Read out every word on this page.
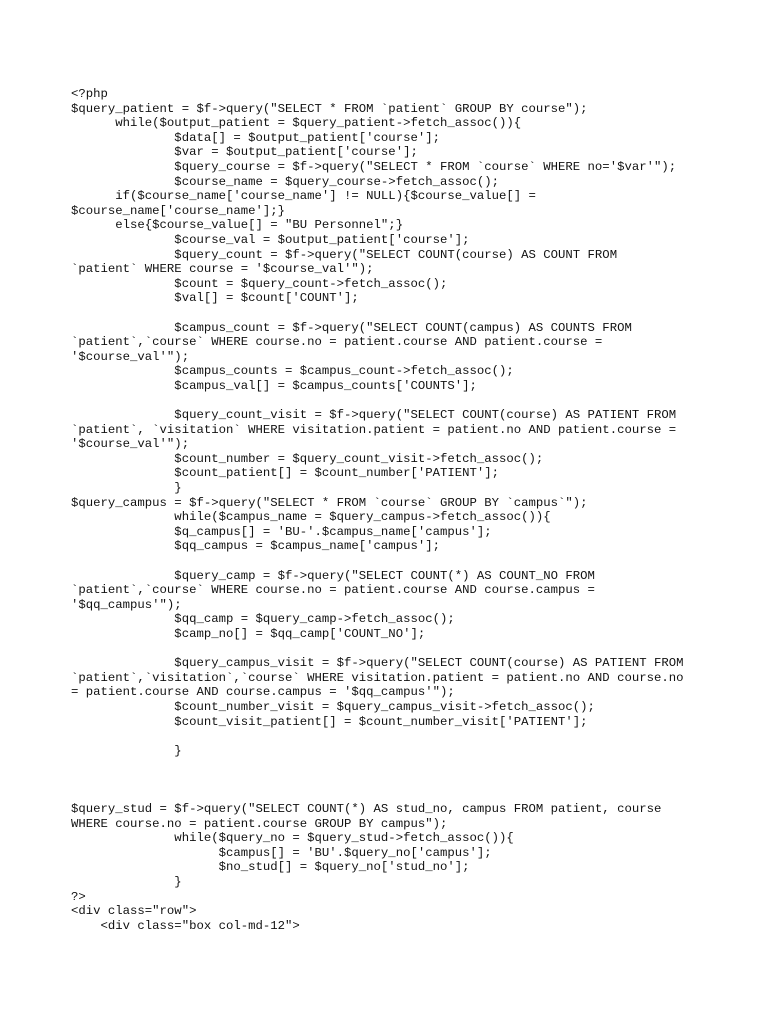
<?php
$query_patient = $f->query("SELECT * FROM `patient` GROUP BY course");
while($output_patient = $query_patient->fetch_assoc()){
$data[] = $output_patient['course'];
$var = $output_patient['course'];
$query_course = $f->query("SELECT * FROM `course` WHERE no='$var'");
$course_name = $query_course->fetch_assoc();
if($course_name['course_name'] != NULL){$course_value[] =
$course_name['course_name'];}
else{$course_value[] = "BU Personnel";}
$course_val = $output_patient['course'];
$query_count = $f->query("SELECT COUNT(course) AS COUNT FROM
`patient` WHERE course = '$course_val'");
$count = $query_count->fetch_assoc();
$val[] = $count['COUNT'];
$campus_count = $f->query("SELECT COUNT(campus) AS COUNTS FROM
`patient`,`course` WHERE course.no = patient.course AND patient.course =
'$course_val'");
$campus_counts = $campus_count->fetch_assoc();
$campus_val[] = $campus_counts['COUNTS'];
$query_count_visit = $f->query("SELECT COUNT(course) AS PATIENT FROM
`patient`, `visitation` WHERE visitation.patient = patient.no AND patient.course =
'$course_val'");
$count_number = $query_count_visit->fetch_assoc();
$count_patient[] = $count_number['PATIENT'];
}
$query_campus = $f->query("SELECT * FROM `course` GROUP BY `campus`");
while($campus_name = $query_campus->fetch_assoc()){
$q_campus[] = 'BU-'.$campus_name['campus'];
$qq_campus = $campus_name['campus'];
$query_camp = $f->query("SELECT COUNT(*) AS COUNT_NO FROM
`patient`,`course` WHERE course.no = patient.course AND course.campus =
'$qq_campus'");
$qq_camp = $query_camp->fetch_assoc();
$camp_no[] = $qq_camp['COUNT_NO'];
$query_campus_visit = $f->query("SELECT COUNT(course) AS PATIENT FROM
`patient`,`visitation`,`course` WHERE visitation.patient = patient.no AND course.no
= patient.course AND course.campus = '$qq_campus'");
$count_number_visit = $query_campus_visit->fetch_assoc();
$count_visit_patient[] = $count_number_visit['PATIENT'];
}
$query_stud = $f->query("SELECT COUNT(*) AS stud_no, campus FROM patient, course
WHERE course.no = patient.course GROUP BY campus");
while($query_no = $query_stud->fetch_assoc()){
$campus[] = 'BU'.$query_no['campus'];
$no_stud[] = $query_no['stud_no'];
}
?>
<div class="row">
<div class="box col-md-12">
